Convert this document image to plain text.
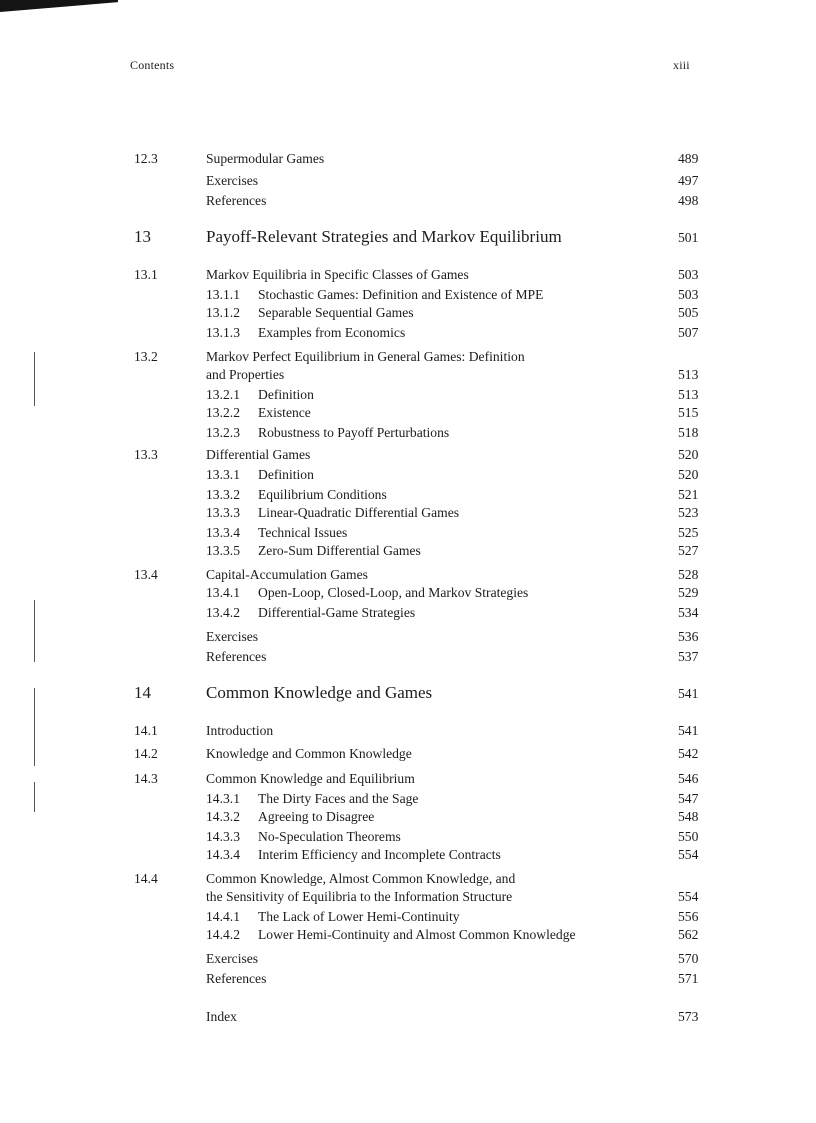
Contents	xiii
12.3	Supermodular Games	489
Exercises	497
References	498
13	Payoff-Relevant Strategies and Markov Equilibrium	501
13.1	Markov Equilibria in Specific Classes of Games	503
13.1.1 Stochastic Games: Definition and Existence of MPE	503
13.1.2 Separable Sequential Games	505
13.1.3 Examples from Economics	507
13.2	Markov Perfect Equilibrium in General Games: Definition
and Properties	513
13.2.1 Definition	513
13.2.2 Existence	515
13.2.3 Robustness to Payoff Perturbations	518
13.3	Differential Games	520
13.3.1 Definition	520
13.3.2 Equilibrium Conditions	521
13.3.3 Linear-Quadratic Differential Games	523
13.3.4 Technical Issues	525
13.3.5 Zero-Sum Differential Games	527
13.4	Capital-Accumulation Games	528
13.4.1 Open-Loop, Closed-Loop, and Markov Strategies	529
13.4.2 Differential-Game Strategies	534
Exercises	536
References	537
14	Common Knowledge and Games	541
14.1	Introduction	541
14.2	Knowledge and Common Knowledge	542
14.3	Common Knowledge and Equilibrium	546
14.3.1 The Dirty Faces and the Sage	547
14.3.2 Agreeing to Disagree	548
14.3.3 No-Speculation Theorems	550
14.3.4 Interim Efficiency and Incomplete Contracts	554
14.4	Common Knowledge, Almost Common Knowledge, and
the Sensitivity of Equilibria to the Information Structure	554
14.4.1 The Lack of Lower Hemi-Continuity	556
14.4.2 Lower Hemi-Continuity and Almost Common Knowledge	562
Exercises	570
References	571
Index	573
